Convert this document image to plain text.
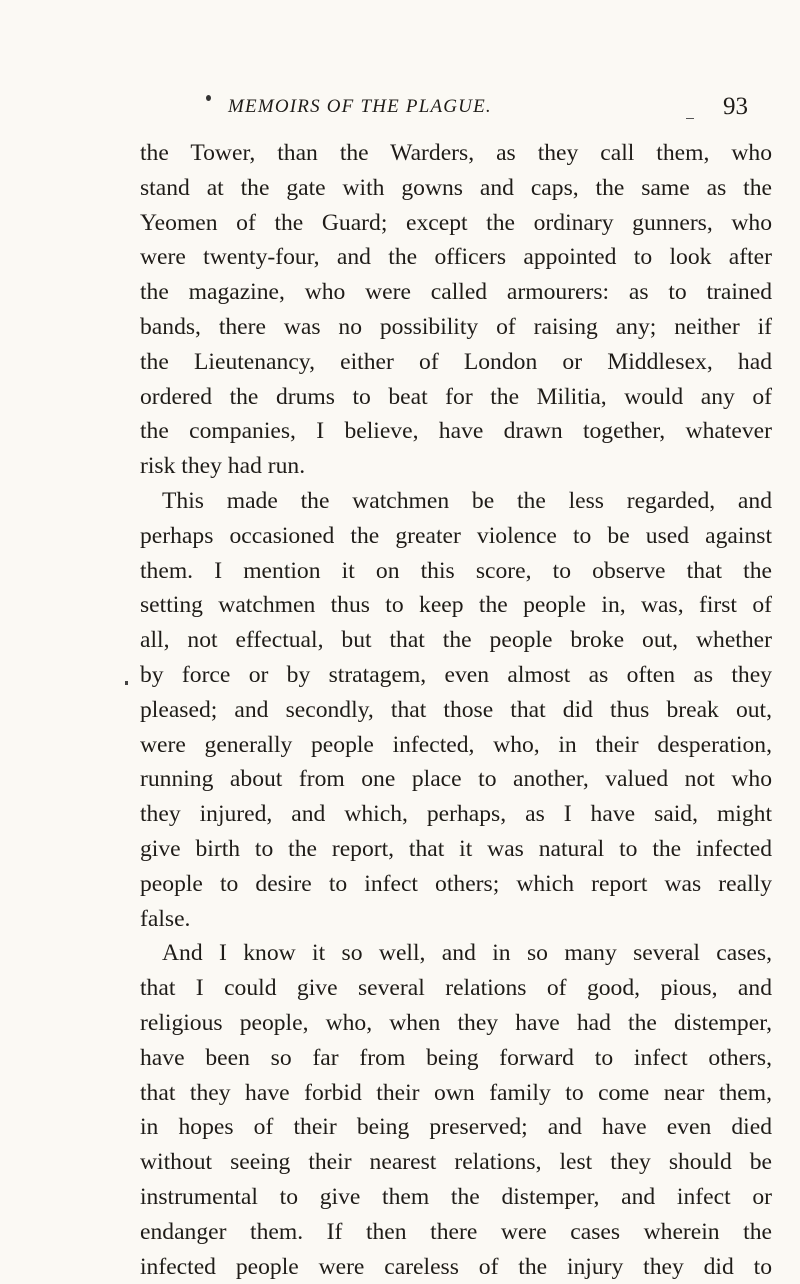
MEMOIRS OF THE PLAGUE.	93
the Tower, than the Warders, as they call them, who
stand at the gate with gowns and caps, the same as the
Yeomen of the Guard; except the ordinary gunners, who
were twenty-four, and the officers appointed to look after
the magazine, who were called armourers: as to trained
bands, there was no possibility of raising any; neither if
the Lieutenancy, either of London or Middlesex, had
ordered the drums to beat for the Militia, would any of
the companies, I believe, have drawn together, whatever
risk they had run.
This made the watchmen be the less regarded, and
perhaps occasioned the greater violence to be used against
them. I mention it on this score, to observe that the
setting watchmen thus to keep the people in, was, first of
all, not effectual, but that the people broke out, whether
by force or by stratagem, even almost as often as they
pleased; and secondly, that those that did thus break out,
were generally people infected, who, in their desperation,
running about from one place to another, valued not who
they injured, and which, perhaps, as I have said, might
give birth to the report, that it was natural to the infected
people to desire to infect others; which report was really
false.
And I know it so well, and in so many several cases,
that I could give several relations of good, pious, and
religious people, who, when they have had the distemper,
have been so far from being forward to infect others,
that they have forbid their own family to come near them,
in hopes of their being preserved; and have even died
without seeing their nearest relations, lest they should be
instrumental to give them the distemper, and infect or
endanger them. If then there were cases wherein the
infected people were careless of the injury they did to
